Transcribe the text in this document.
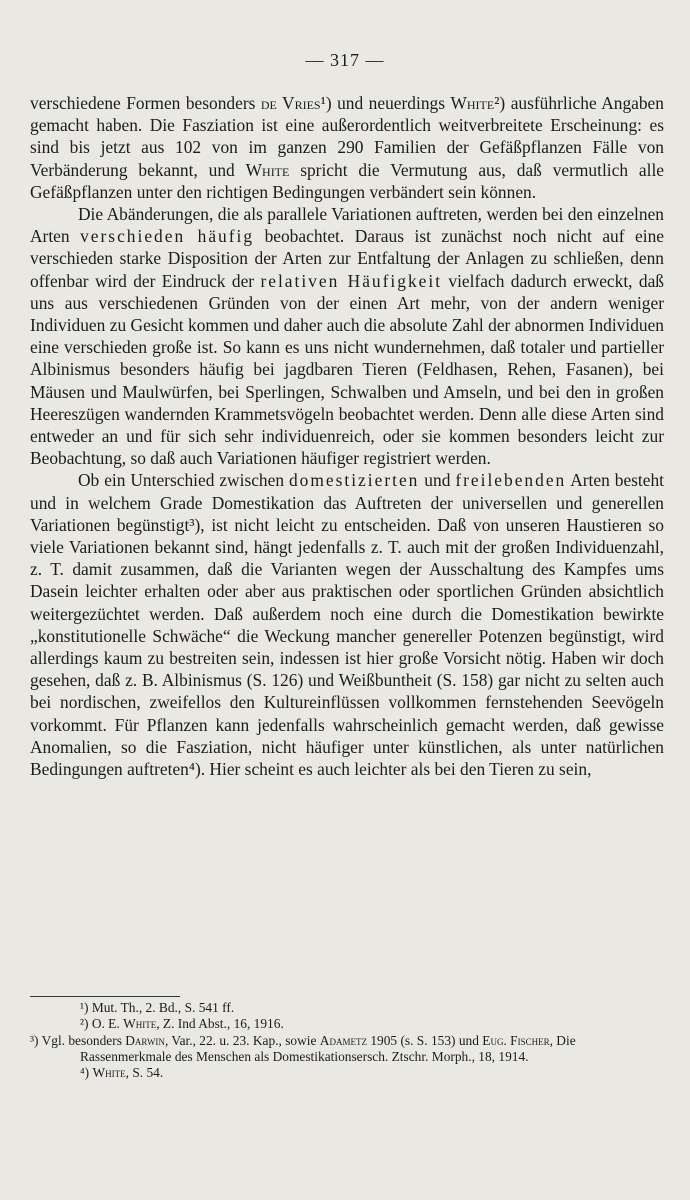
— 317 —

verschiedene Formen besonders de Vries¹) und neuerdings White²) ausführliche Angaben gemacht haben. Die Fasziation ist eine außerordentlich weitverbreitete Erscheinung: es sind bis jetzt aus 102 von im ganzen 290 Familien der Gefäßpflanzen Fälle von Verbänderung bekannt, und White spricht die Vermutung aus, daß vermutlich alle Gefäßpflanzen unter den richtigen Bedingungen verbändert sein können.

Die Abänderungen, die als parallele Variationen auftreten, werden bei den einzelnen Arten verschieden häufig beobachtet. Daraus ist zunächst noch nicht auf eine verschieden starke Disposition der Arten zur Entfaltung der Anlagen zu schließen, denn offenbar wird der Eindruck der relativen Häufigkeit vielfach dadurch erweckt, daß uns aus verschiedenen Gründen von der einen Art mehr, von der andern weniger Individuen zu Gesicht kommen und daher auch die absolute Zahl der abnormen Individuen eine verschieden große ist. So kann es uns nicht wundernehmen, daß totaler und partieller Albinismus besonders häufig bei jagdbaren Tieren (Feldhasen, Rehen, Fasanen), bei Mäusen und Maulwürfen, bei Sperlingen, Schwalben und Amseln, und bei den in großen Heereszügen wandernden Krammetsvögeln beobachtet werden. Denn alle diese Arten sind entweder an und für sich sehr individuenreich, oder sie kommen besonders leicht zur Beobachtung, so daß auch Variationen häufiger registriert werden.

Ob ein Unterschied zwischen domestizierten und freilebenden Arten besteht und in welchem Grade Domestikation das Auftreten der universellen und generellen Variationen begünstigt³), ist nicht leicht zu entscheiden. Daß von unseren Haustieren so viele Variationen bekannt sind, hängt jedenfalls z. T. auch mit der großen Individuenzahl, z. T. damit zusammen, daß die Varianten wegen der Ausschaltung des Kampfes ums Dasein leichter erhalten oder aber aus praktischen oder sportlichen Gründen absichtlich weitergezüchtet werden. Daß außerdem noch eine durch die Domestikation bewirkte „konstitutionelle Schwäche“ die Weckung mancher genereller Potenzen begünstigt, wird allerdings kaum zu bestreiten sein, indessen ist hier große Vorsicht nötig. Haben wir doch gesehen, daß z. B. Albinismus (S. 126) und Weißbuntheit (S. 158) gar nicht zu selten auch bei nordischen, zweifellos den Kultureinflüssen vollkommen fernstehenden Seevögeln vorkommt. Für Pflanzen kann jedenfalls wahrscheinlich gemacht werden, daß gewisse Anomalien, so die Fasziation, nicht häufiger unter künstlichen, als unter natürlichen Bedingungen auftreten⁴). Hier scheint es auch leichter als bei den Tieren zu sein,

¹) Mut. Th., 2. Bd., S. 541 ff.

²) O. E. White, Z. Ind Abst., 16, 1916.

³) Vgl. besonders Darwin, Var., 22. u. 23. Kap., sowie Adametz 1905 (s. S. 153) und Eug. Fischer, Die Rassenmerkmale des Menschen als Domestikationsersch. Ztschr. Morph., 18, 1914.

⁴) White, S. 54.
